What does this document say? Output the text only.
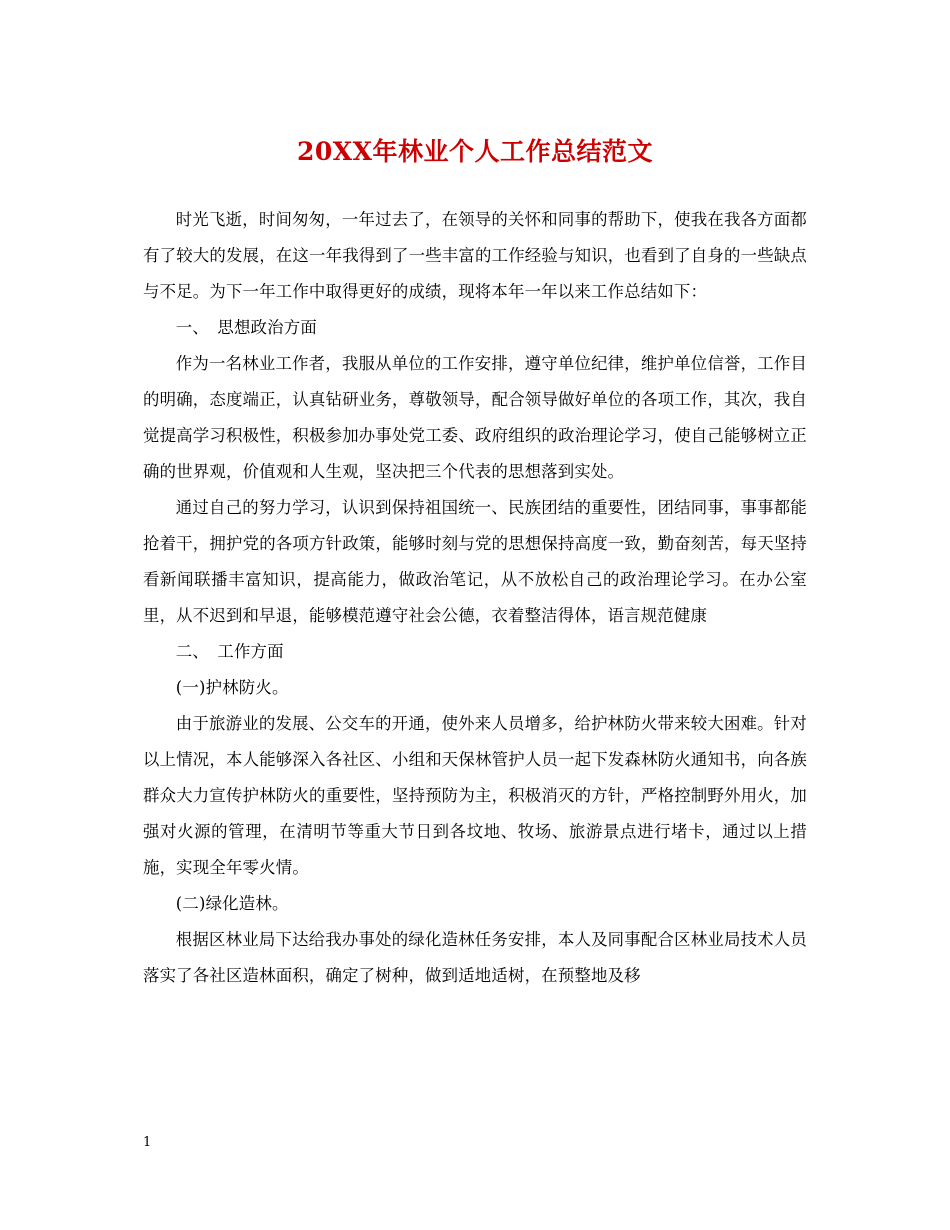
20XX年林业个人工作总结范文

时光飞逝，时间匆匆，一年过去了，在领导的关怀和同事的帮助下，使我在我各方面都有了较大的发展，在这一年我得到了一些丰富的工作经验与知识，也看到了自身的一些缺点与不足。为下一年工作中取得更好的成绩，现将本年一年以来工作总结如下：

一、　思想政治方面

作为一名林业工作者，我服从单位的工作安排，遵守单位纪律，维护单位信誉，工作目的明确，态度端正，认真钻研业务，尊敬领导，配合领导做好单位的各项工作，其次，我自觉提高学习积极性，积极参加办事处党工委、政府组织的政治理论学习，使自己能够树立正确的世界观，价值观和人生观，坚决把三个代表的思想落到实处。

通过自己的努力学习，认识到保持祖国统一、民族团结的重要性，团结同事，事事都能抢着干，拥护党的各项方针政策，能够时刻与党的思想保持高度一致，勤奋刻苦，每天坚持看新闻联播丰富知识，提高能力，做政治笔记，从不放松自己的政治理论学习。在办公室里，从不迟到和早退，能够模范遵守社会公德，衣着整洁得体，语言规范健康

二、　工作方面

(一)护林防火。

由于旅游业的发展、公交车的开通，使外来人员增多，给护林防火带来较大困难。针对以上情况，本人能够深入各社区、小组和天保林管护人员一起下发森林防火通知书，向各族群众大力宣传护林防火的重要性，坚持预防为主，积极消灭的方针，严格控制野外用火，加强对火源的管理，在清明节等重大节日到各坟地、牧场、旅游景点进行堵卡，通过以上措施，实现全年零火情。

(二)绿化造林。

根据区林业局下达给我办事处的绿化造林任务安排，本人及同事配合区林业局技术人员落实了各社区造林面积，确定了树种，做到适地适树，在预整地及移

1
